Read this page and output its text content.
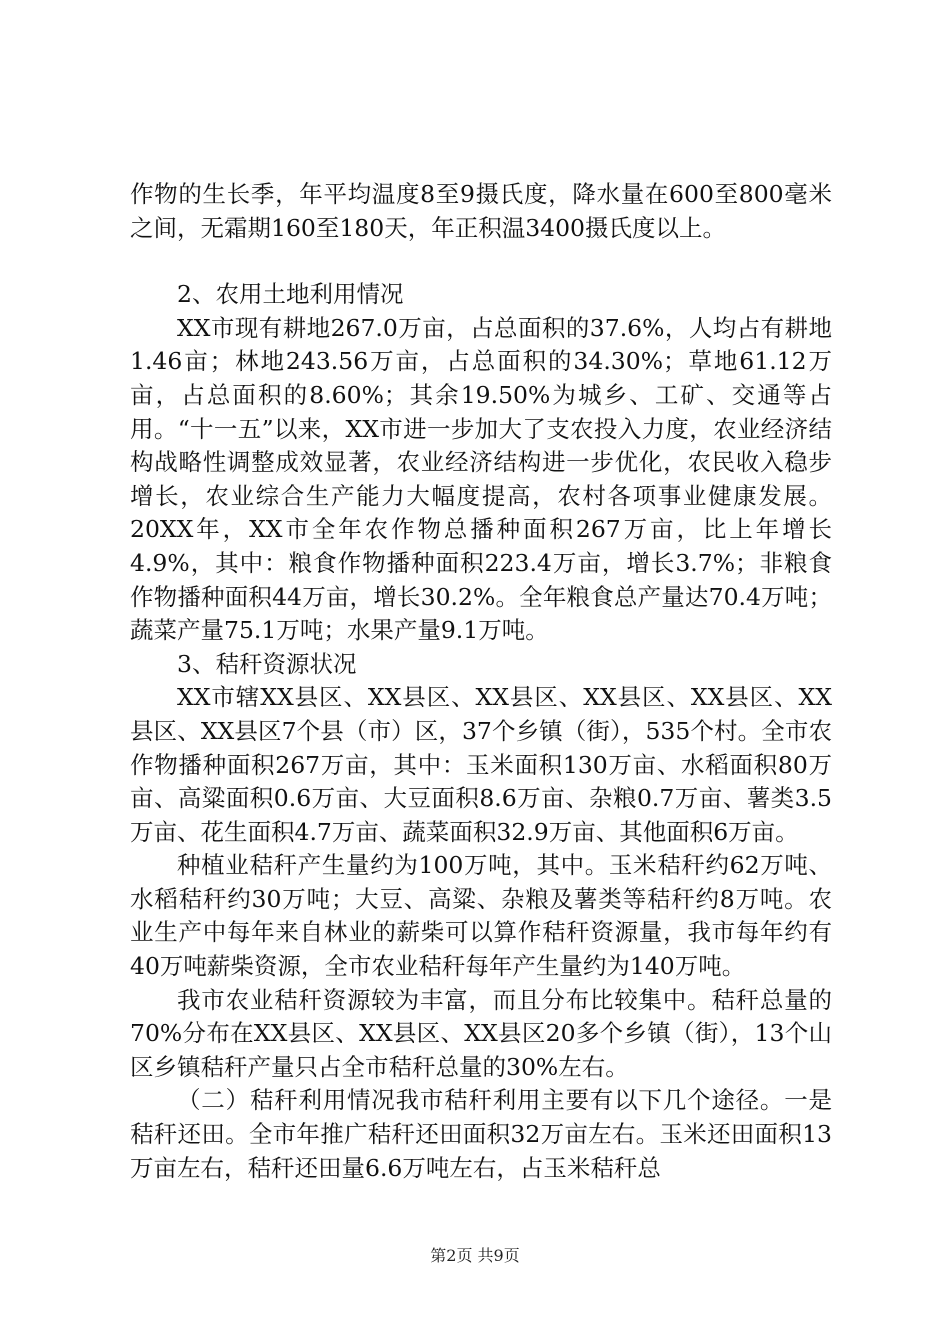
作物的生长季，年平均温度8至9摄氏度，降水量在600至800毫米之间，无霜期160至180天，年正积温3400摄氏度以上。

2、农用土地利用情况

XX市现有耕地267.0万亩，占总面积的37.6%，人均占有耕地1.46亩；林地243.56万亩，占总面积的34.30%；草地61.12万亩，占总面积的8.60%；其余19.50%为城乡、工矿、交通等占用。“十一五”以来，XX市进一步加大了支农投入力度，农业经济结构战略性调整成效显著，农业经济结构进一步优化，农民收入稳步增长，农业综合生产能力大幅度提高，农村各项事业健康发展。20XX年，XX市全年农作物总播种面积267万亩，比上年增长4.9%，其中：粮食作物播种面积223.4万亩，增长3.7%；非粮食作物播种面积44万亩，增长30.2%。全年粮食总产量达70.4万吨；蔬菜产量75.1万吨；水果产量9.1万吨。

3、秸秆资源状况

XX市辖XX县区、XX县区、XX县区、XX县区、XX县区、XX县区、XX县区7个县（市）区，37个乡镇（街），535个村。全市农作物播种面积267万亩，其中：玉米面积130万亩、水稻面积80万亩、高粱面积0.6万亩、大豆面积8.6万亩、杂粮0.7万亩、薯类3.5万亩、花生面积4.7万亩、蔬菜面积32.9万亩、其他面积6万亩。

种植业秸秆产生量约为100万吨，其中。玉米秸秆约62万吨、水稻秸秆约30万吨；大豆、高粱、杂粮及薯类等秸秆约8万吨。农业生产中每年来自林业的薪柴可以算作秸秆资源量，我市每年约有40万吨薪柴资源，全市农业秸秆每年产生量约为140万吨。

我市农业秸秆资源较为丰富，而且分布比较集中。秸秆总量的70%分布在XX县区、XX县区、XX县区20多个乡镇（街），13个山区乡镇秸秆产量只占全市秸秆总量的30%左右。

（二）秸秆利用情况我市秸秆利用主要有以下几个途径。一是秸秆还田。全市年推广秸秆还田面积32万亩左右。玉米还田面积13万亩左右，秸秆还田量6.6万吨左右，占玉米秸秆总

第2页 共9页
